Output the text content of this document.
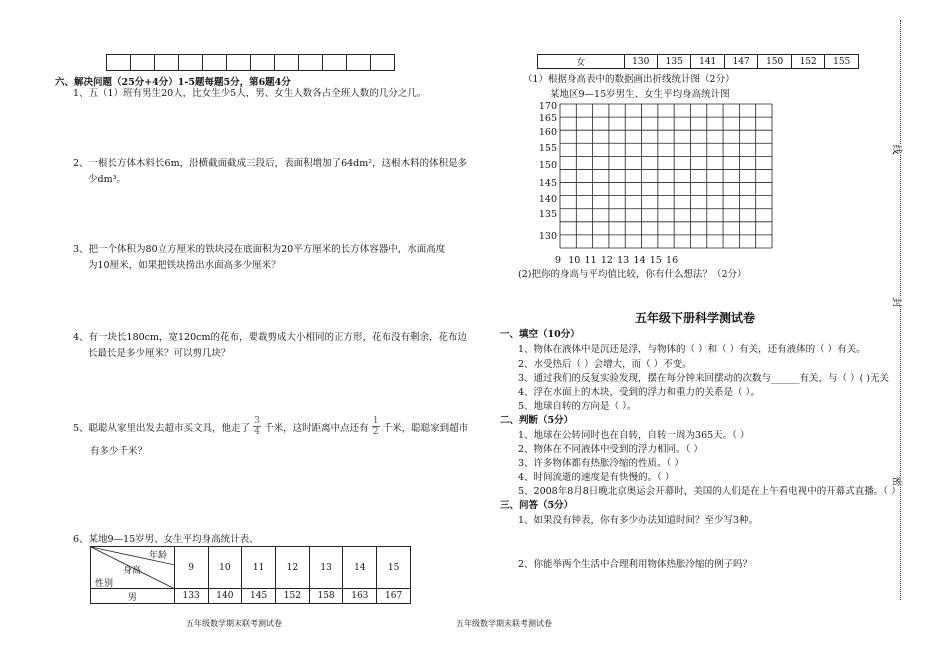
六、解决问题（25分+4分）1-5题每题5分，第6题4分
1、五（1）班有男生20人，比女生少5人，男、女生人数各占全班人数的几分之几。
2、一根长方体木料长6m，沿横截面截成三段后，表面积增加了64dm²，这根木料的体积是多
少dm³。
3、把一个体积为80立方厘米的铁块浸在底面积为20平方厘米的长方体容器中，水面高度
为10厘米，如果把铁块捞出水面高多少厘米？
4、有一块长180cm，宽120cm的花布，要裁剪成大小相同的正方形，花布没有剩余，花布边
长最长是多少厘米？可以剪几块？
5、聪聪从家里出发去超市买文具，他走了 $\frac{3}{4}$ 千米，这时距离中点还有 $\frac{1}{2}$ 千米，聪聪家到超市
有多少千米？
6、某地9—15岁男、女生平均身高统计表、
年龄
身高
性别	9	10	11	12	13	14	15
男	133	140	145	152	158	163	167
五年级数学期末联考测试卷
女	130	135	141	147	150	152	155
（1）根据身高表中的数据画出折线统计图（2分）
某地区9—15岁男生、女生平均身高统计图
130
135
140
145
150
155
160
165
170
9 10 11 12 13 14 15 16
(2)把你的身高与平均值比较，你有什么想法？（2分）
五年级下册科学测试卷
一、填空（10分）
1、物体在液体中是沉还是浮，与物体的（ ）和（ ）有关，还有液体的（ ）有关。
2、水受热后（ ）会增大，而（ ）不变。
3、通过我们的反复实验发现，摆在每分钟来回摆动的次数与______有关，与（ ）( )无关
4、浮在水面上的木块，受到的浮力和重力的关系是（ ）。
5、地球自转的方向是（ ）。
二、判断（5分）
1、地球在公转同时也在自转，自转一周为365天。（ ）
2、物体在不同液体中受到的浮力相同。（ ）
3、许多物体都有热胀冷缩的性质。（ ）
4、时间流逝的速度是有快慢的。（ ）
5、2008年8月8日晚北京奥运会开幕时，美国的人们是在上午看电视中的开幕式直播。（ ）
三、问答（5分）
1、如果没有钟表，你有多少办法知道时间？至少写3种。
2、你能举两个生活中合理利用物体热胀冷缩的例子吗？
五年级数学期末联考测试卷
线
封
密
